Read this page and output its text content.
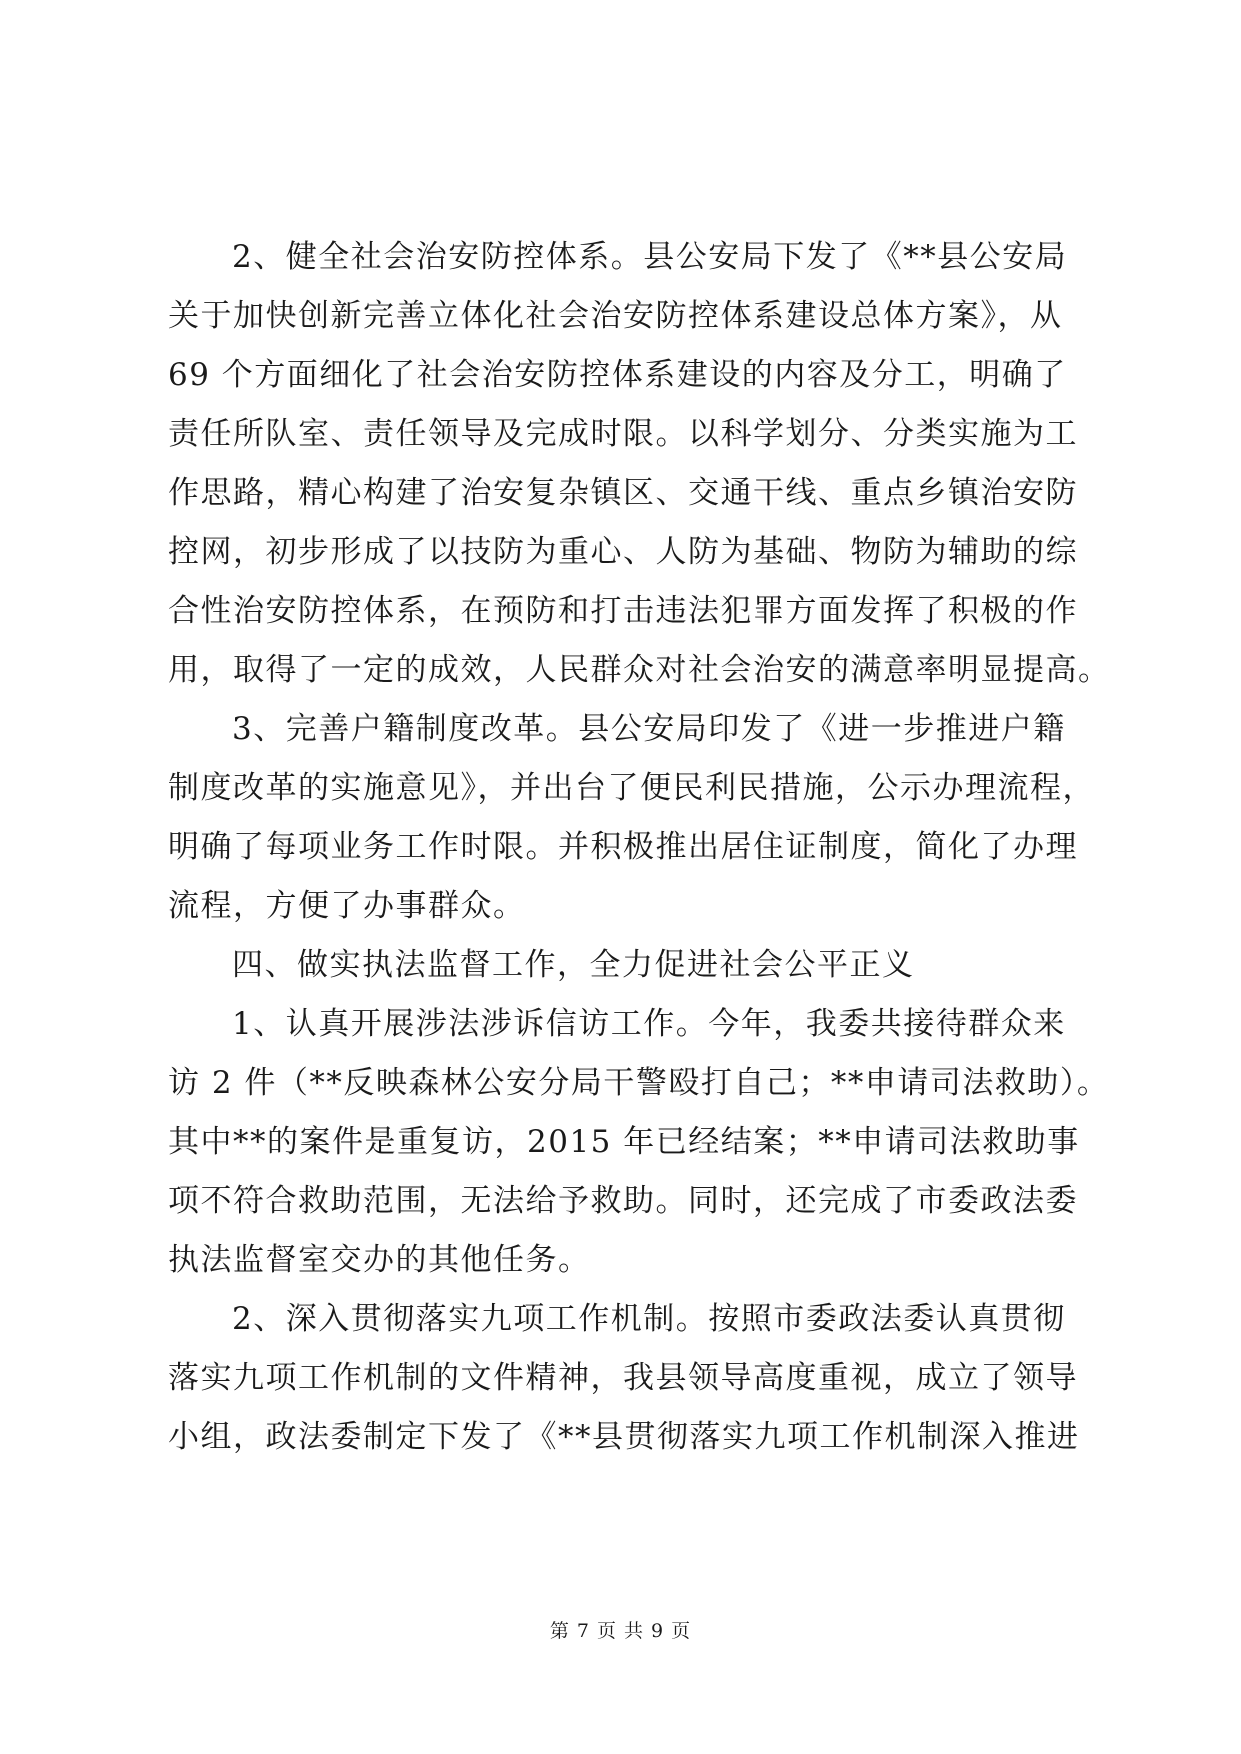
2、健全社会治安防控体系。县公安局下发了《**县公安局
关于加快创新完善立体化社会治安防控体系建设总体方案》，从
69 个方面细化了社会治安防控体系建设的内容及分工，明确了
责任所队室、责任领导及完成时限。以科学划分、分类实施为工
作思路，精心构建了治安复杂镇区、交通干线、重点乡镇治安防
控网，初步形成了以技防为重心、人防为基础、物防为辅助的综
合性治安防控体系，在预防和打击违法犯罪方面发挥了积极的作
用，取得了一定的成效，人民群众对社会治安的满意率明显提高。
3、完善户籍制度改革。县公安局印发了《进一步推进户籍
制度改革的实施意见》，并出台了便民利民措施，公示办理流程，
明确了每项业务工作时限。并积极推出居住证制度，简化了办理
流程，方便了办事群众。
四、做实执法监督工作，全力促进社会公平正义
1、认真开展涉法涉诉信访工作。今年，我委共接待群众来
访 2 件（**反映森林公安分局干警殴打自己；**申请司法救助）。
其中**的案件是重复访，2015 年已经结案；**申请司法救助事
项不符合救助范围，无法给予救助。同时，还完成了市委政法委
执法监督室交办的其他任务。
2、深入贯彻落实九项工作机制。按照市委政法委认真贯彻
落实九项工作机制的文件精神，我县领导高度重视，成立了领导
小组，政法委制定下发了《**县贯彻落实九项工作机制深入推进
第 7 页 共 9 页
